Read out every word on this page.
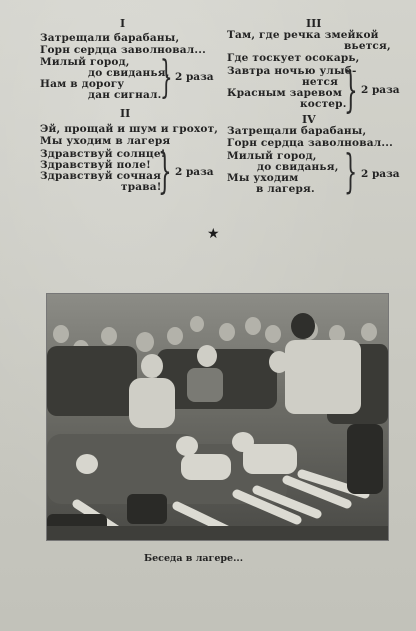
I
Затрещали барабаны,
Горн сердца заволновал...
Милый город,
до свиданья,
Нам в дорогу
дан сигнал.
} 2 раза
II
Эй, прощай и шум и грохот,
Мы уходим в лагеря
Здравствуй солнце!
Здравствуй поле!
Здравствуй сочная
трава!
} 2 раза
III
Там, где речка змейкой
вьется,
Где тоскует осокарь,
Завтра ночью улыб-
нется
Красным заревом
костер.
} 2 раза
IV
Затрещали барабаны,
Горн сердца заволновал...
Милый город,
до свиданья,
Мы уходим
в лагеря. } 2 раза
★
Беседа в лагере...
